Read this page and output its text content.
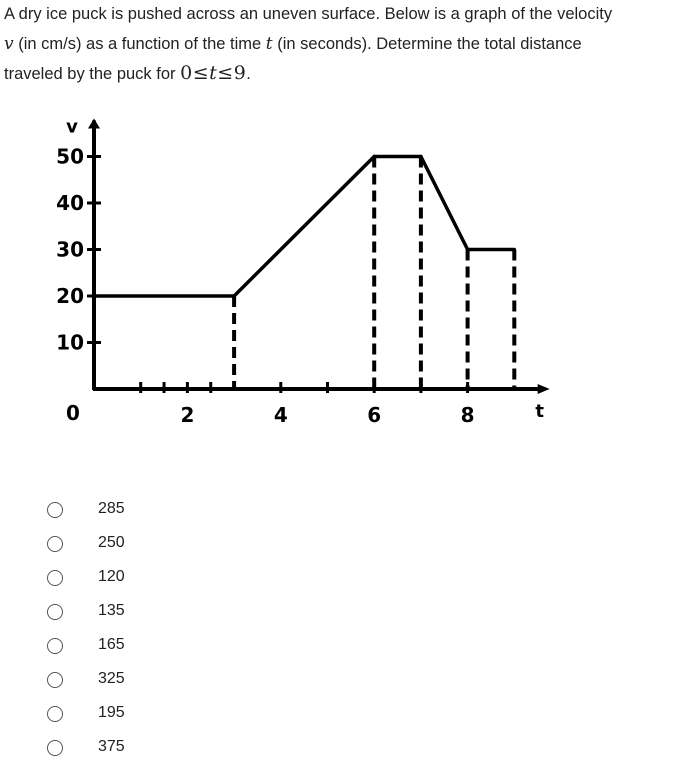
A dry ice puck is pushed across an uneven surface. Below is a graph of the velocity
v (in cm/s) as a function of the time t (in seconds). Determine the total distance
traveled by the puck for 0≤t≤9.
10
20
30
40
50
2	4	6	8
0
v
t
285
250
120
135
165
325
195
375
